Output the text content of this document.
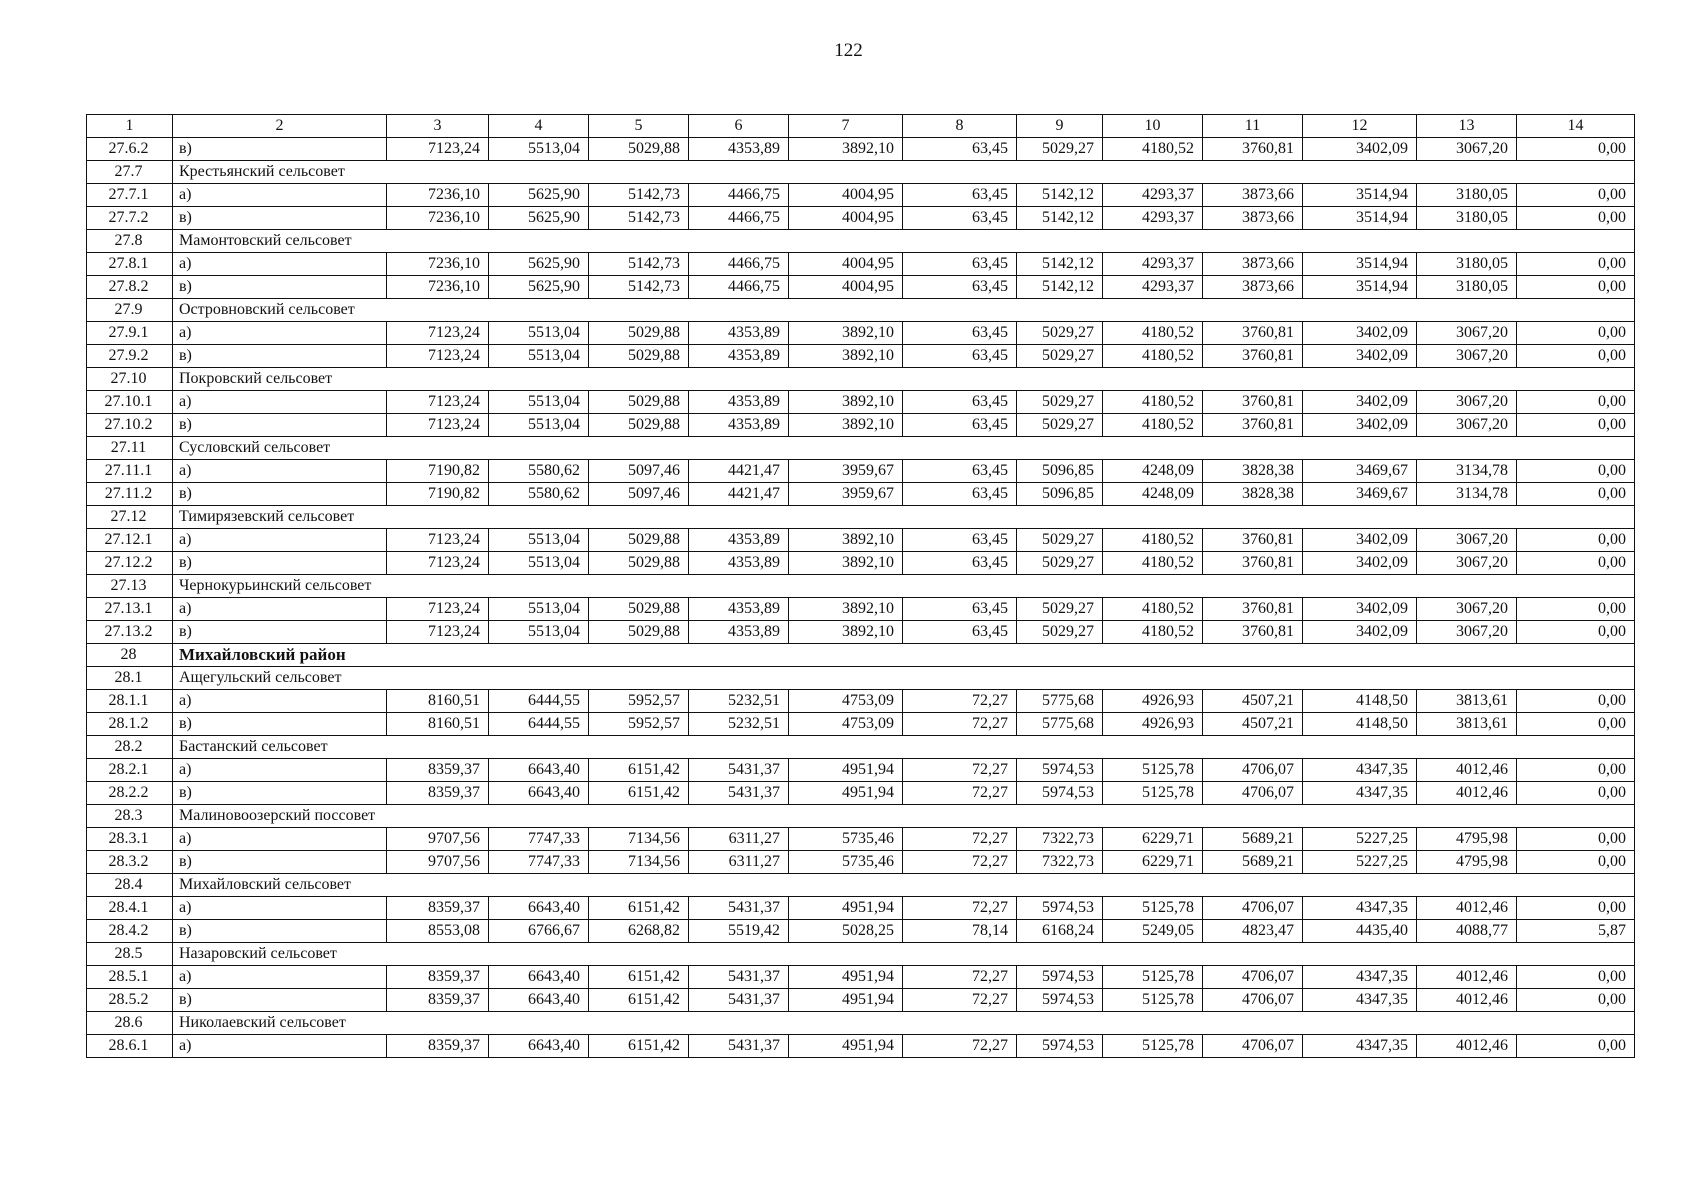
122
1	2	3	4	5	6	7	8	9	10	11	12	13	14
27.6.2	в)	7123,24	5513,04	5029,88	4353,89	3892,10	63,45	5029,27	4180,52	3760,81	3402,09	3067,20	0,00
27.7	Крестьянский сельсовет												
27.7.1	а)	7236,10	5625,90	5142,73	4466,75	4004,95	63,45	5142,12	4293,37	3873,66	3514,94	3180,05	0,00
27.7.2	в)	7236,10	5625,90	5142,73	4466,75	4004,95	63,45	5142,12	4293,37	3873,66	3514,94	3180,05	0,00
27.8	Мамонтовский сельсовет												
27.8.1	а)	7236,10	5625,90	5142,73	4466,75	4004,95	63,45	5142,12	4293,37	3873,66	3514,94	3180,05	0,00
27.8.2	в)	7236,10	5625,90	5142,73	4466,75	4004,95	63,45	5142,12	4293,37	3873,66	3514,94	3180,05	0,00
27.9	Островновский сельсовет												
27.9.1	а)	7123,24	5513,04	5029,88	4353,89	3892,10	63,45	5029,27	4180,52	3760,81	3402,09	3067,20	0,00
27.9.2	в)	7123,24	5513,04	5029,88	4353,89	3892,10	63,45	5029,27	4180,52	3760,81	3402,09	3067,20	0,00
27.10	Покровский сельсовет												
27.10.1	а)	7123,24	5513,04	5029,88	4353,89	3892,10	63,45	5029,27	4180,52	3760,81	3402,09	3067,20	0,00
27.10.2	в)	7123,24	5513,04	5029,88	4353,89	3892,10	63,45	5029,27	4180,52	3760,81	3402,09	3067,20	0,00
27.11	Сусловский сельсовет												
27.11.1	а)	7190,82	5580,62	5097,46	4421,47	3959,67	63,45	5096,85	4248,09	3828,38	3469,67	3134,78	0,00
27.11.2	в)	7190,82	5580,62	5097,46	4421,47	3959,67	63,45	5096,85	4248,09	3828,38	3469,67	3134,78	0,00
27.12	Тимирязевский сельсовет												
27.12.1	а)	7123,24	5513,04	5029,88	4353,89	3892,10	63,45	5029,27	4180,52	3760,81	3402,09	3067,20	0,00
27.12.2	в)	7123,24	5513,04	5029,88	4353,89	3892,10	63,45	5029,27	4180,52	3760,81	3402,09	3067,20	0,00
27.13	Чернокурьинский сельсовет												
27.13.1	а)	7123,24	5513,04	5029,88	4353,89	3892,10	63,45	5029,27	4180,52	3760,81	3402,09	3067,20	0,00
27.13.2	в)	7123,24	5513,04	5029,88	4353,89	3892,10	63,45	5029,27	4180,52	3760,81	3402,09	3067,20	0,00
28	Михайловский район												
28.1	Ащегульский сельсовет												
28.1.1	а)	8160,51	6444,55	5952,57	5232,51	4753,09	72,27	5775,68	4926,93	4507,21	4148,50	3813,61	0,00
28.1.2	в)	8160,51	6444,55	5952,57	5232,51	4753,09	72,27	5775,68	4926,93	4507,21	4148,50	3813,61	0,00
28.2	Бастанский сельсовет												
28.2.1	а)	8359,37	6643,40	6151,42	5431,37	4951,94	72,27	5974,53	5125,78	4706,07	4347,35	4012,46	0,00
28.2.2	в)	8359,37	6643,40	6151,42	5431,37	4951,94	72,27	5974,53	5125,78	4706,07	4347,35	4012,46	0,00
28.3	Малиновоозерский поссовет												
28.3.1	а)	9707,56	7747,33	7134,56	6311,27	5735,46	72,27	7322,73	6229,71	5689,21	5227,25	4795,98	0,00
28.3.2	в)	9707,56	7747,33	7134,56	6311,27	5735,46	72,27	7322,73	6229,71	5689,21	5227,25	4795,98	0,00
28.4	Михайловский сельсовет												
28.4.1	а)	8359,37	6643,40	6151,42	5431,37	4951,94	72,27	5974,53	5125,78	4706,07	4347,35	4012,46	0,00
28.4.2	в)	8553,08	6766,67	6268,82	5519,42	5028,25	78,14	6168,24	5249,05	4823,47	4435,40	4088,77	5,87
28.5	Назаровский сельсовет												
28.5.1	а)	8359,37	6643,40	6151,42	5431,37	4951,94	72,27	5974,53	5125,78	4706,07	4347,35	4012,46	0,00
28.5.2	в)	8359,37	6643,40	6151,42	5431,37	4951,94	72,27	5974,53	5125,78	4706,07	4347,35	4012,46	0,00
28.6	Николаевский сельсовет												
28.6.1	а)	8359,37	6643,40	6151,42	5431,37	4951,94	72,27	5974,53	5125,78	4706,07	4347,35	4012,46	0,00
